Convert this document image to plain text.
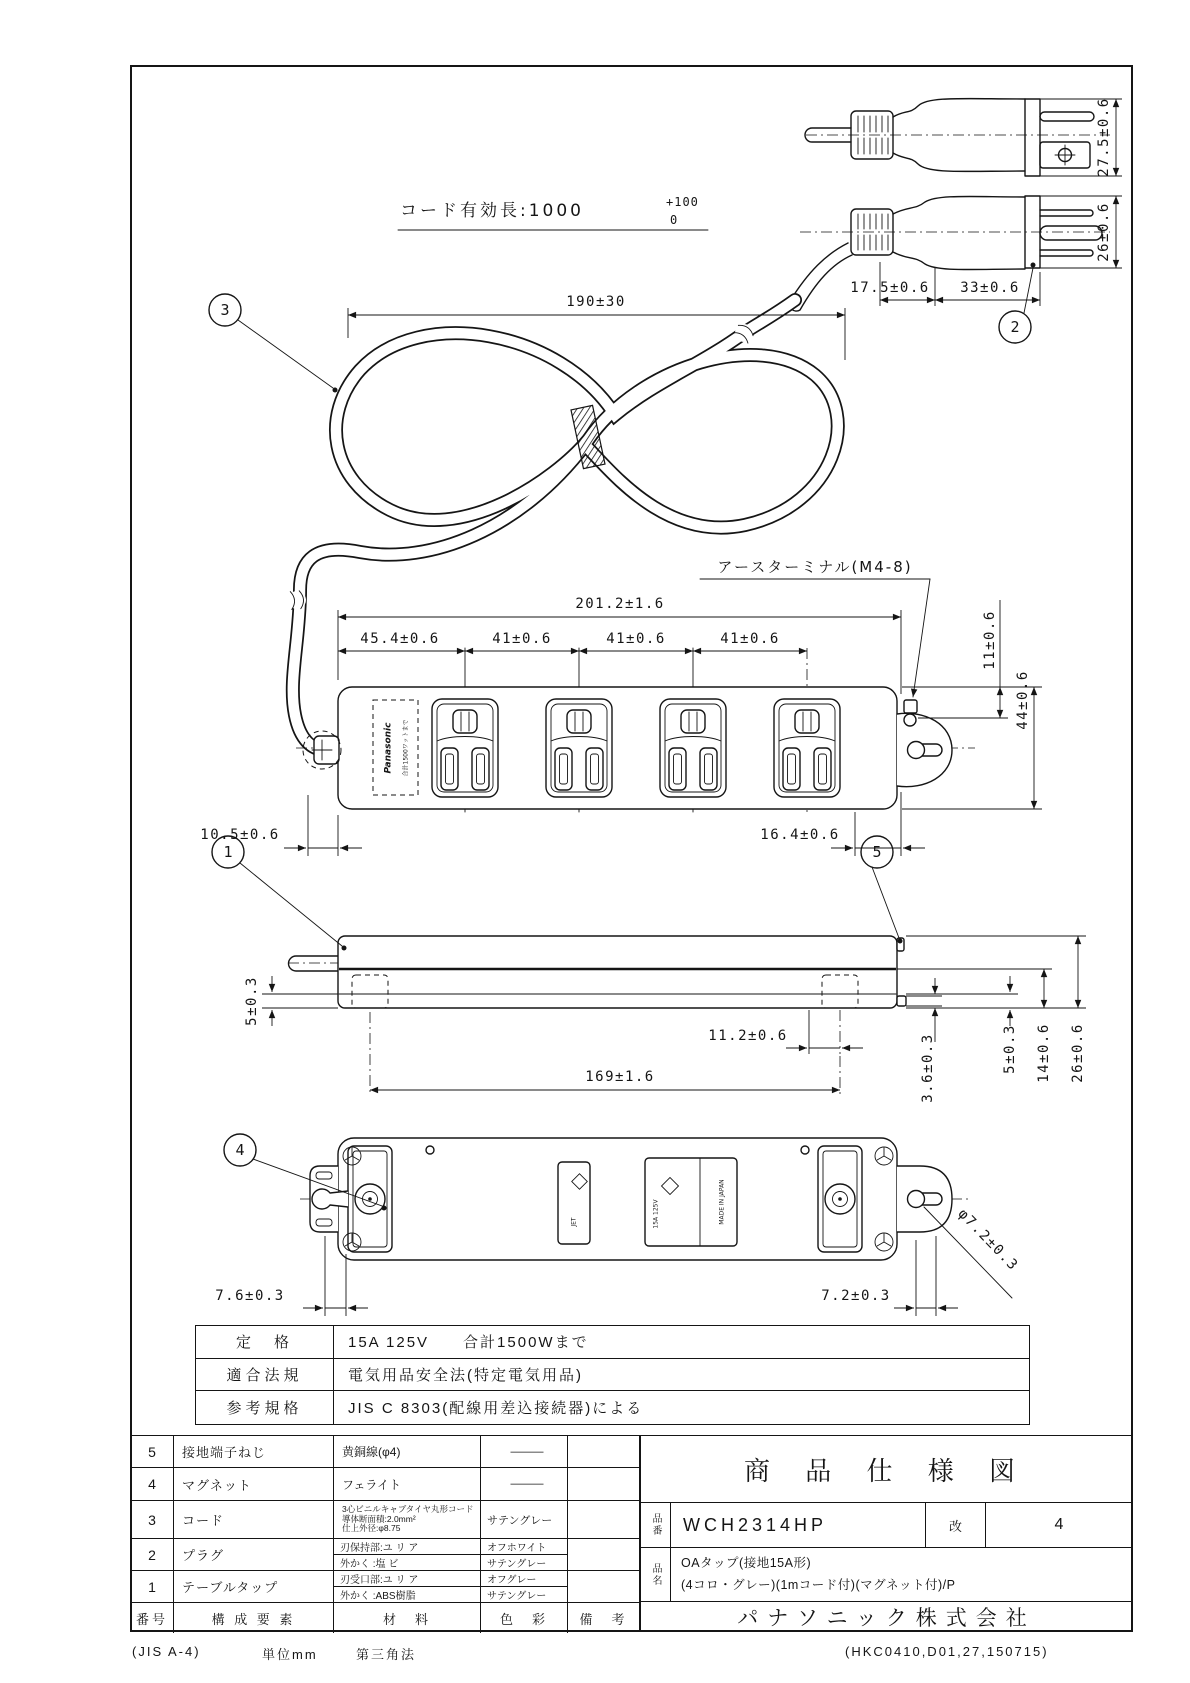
27.5±0.6
26±0.6
17.5±0.6 33±0.6
2
コード有効長:1000	+100
0
190±30
3
アースターミナル(M4-8)
Panasonic 合計1500ワットまで
201.2±1.6
45.4±0.6	41±0.6	41±0.6	41±0.6	11±0.6
44±0.6
10.5±0.6	16.4±0.6
1	5
5±0.3
11.2±0.6
169±1.6
5±0.3 14±0.6 26±0.6
3.6±0.3
JET	15A 125V	MADE IN JAPAN
4
7.6±0.3	7.2±0.3
φ7.2±0.3
定　格	15A 125V　　合計1500Wまで
適合法規	電気用品安全法(特定電気用品)
参考規格	JIS C 8303(配線用差込接続器)による
5	接地端子ねじ	黄銅線(φ4)	———
4	マグネット	フェライト	———
3	コード
3心ビニルキャブタイヤ丸形コード
導体断面積:2.0mm²
仕上外径:φ8.75
サテングレー
2	プラグ	刃保持部:ユ リ ア	オフホワイト
外かく :塩 ビ	サテングレー
1	テーブルタップ	刃受口部:ユ リ ア	オフグレー
外かく :ABS樹脂	サテングレー
番号	構 成 要 素	材　料	色　彩	備　考
商 品 仕 様 図
品番	WCH2314HP	改	4
品名	OAタップ(接地15A形)
(4コロ・グレー)(1mコード付)(マグネット付)/P
パナソニック株式会社
(JIS A-4)	単位mm	第三角法	(HKC0410,D01,27,150715)
